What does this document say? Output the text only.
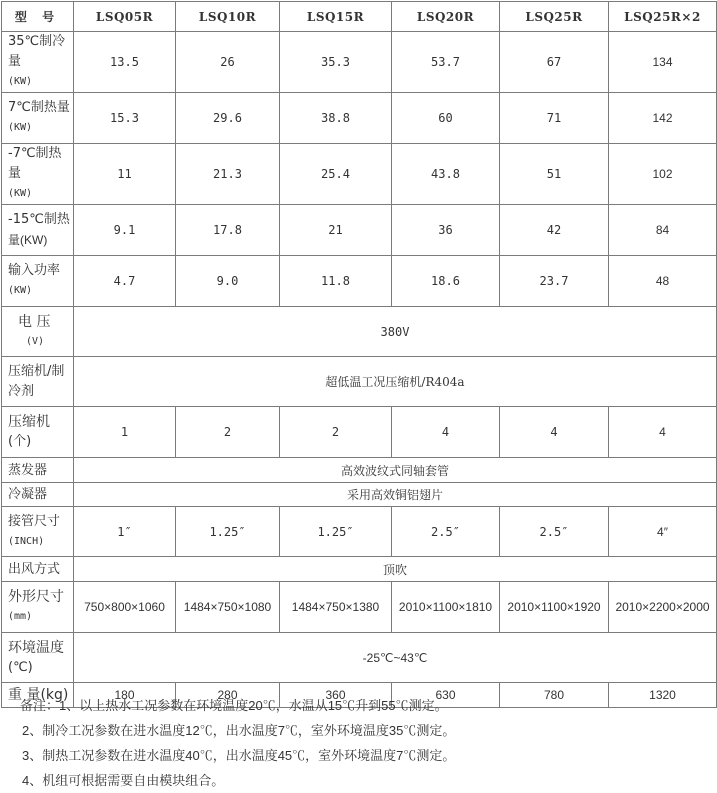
型 号	LSQ05R	LSQ10R	LSQ15R	LSQ20R	LSQ25R	LSQ25R×2

35℃制冷量
(KW)	13.5	26	35.3	53.7	67	134

7℃制热量
(KW)	15.3	29.6	38.8	60	71	142

-7℃制热量
(KW)	11	21.3	25.4	43.8	51	102

-15℃制热
量(KW)	9.1	17.8	21	36	42	84

输入功率
(KW)	4.7	9.0	11.8	18.6	23.7	48

电 压
(V)	380V					

压缩机/制
冷剂	超低温工况压缩机/R404a					

压缩机
(个)	1	2	2	4	4	4
蒸发器	高效波纹式同轴套管					
冷凝器	采用高效铜铝翅片					

接管尺寸
(INCH)	1″	1.25″	1.25″	2.5″	2.5″	4″
出风方式	顶吹					

外形尺寸
(mm)	750×800×1060	1484×750×1080	1484×750×1380	2010×1100×1810	2010×1100×1920	2010×2200×2000

环境温度
(℃)	-25℃~43℃					
重 量(kg)	180	280	360	630	780	1320
备注：1、以上热水工况参数在环境温度20℃，水温从15℃升到55℃测定。
2、制冷工况参数在进水温度12℃，出水温度7℃，室外环境温度35℃测定。
3、制热工况参数在进水温度40℃，出水温度45℃，室外环境温度7℃测定。
4、机组可根据需要自由模块组合。
